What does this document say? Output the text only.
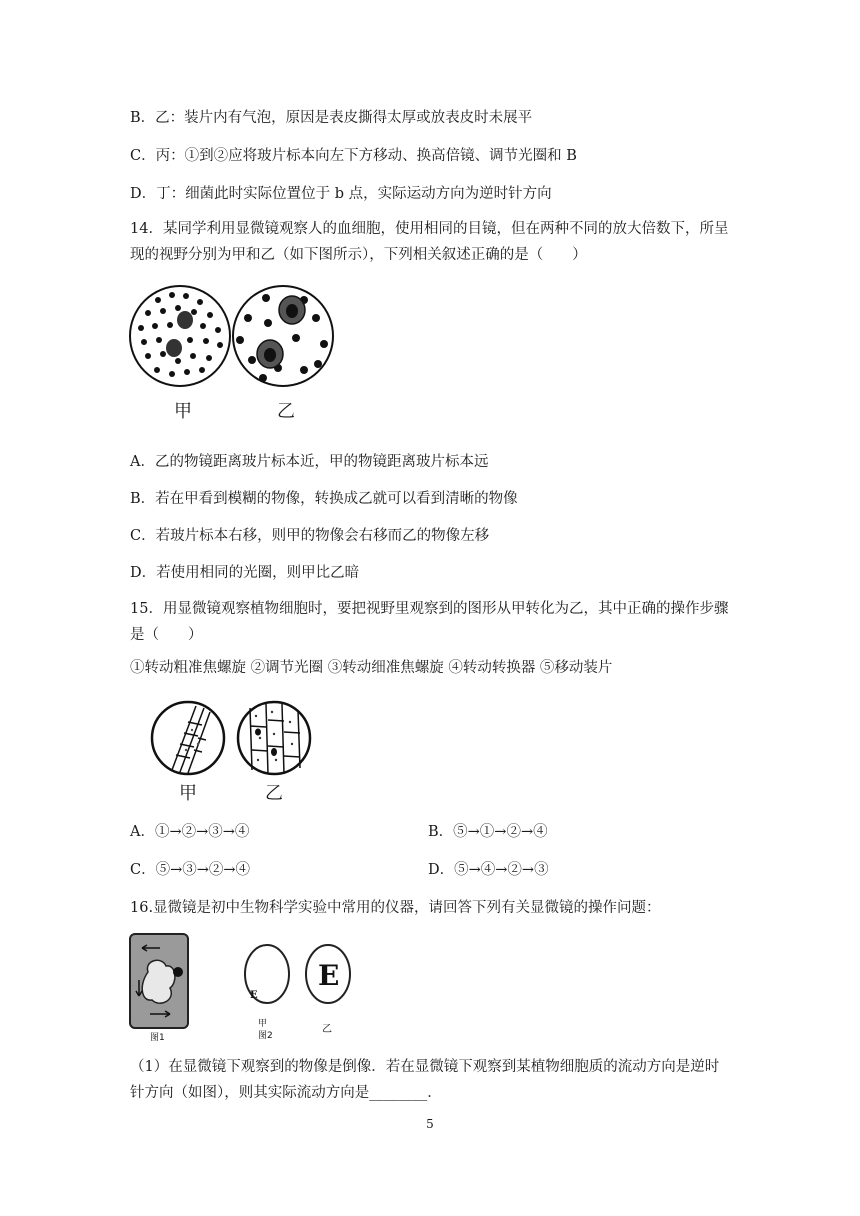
B．乙：装片内有气泡，原因是表皮撕得太厚或放表皮时未展平
C．丙：①到②应将玻片标本向左下方移动、换高倍镜、调节光圈和 B
D．丁：细菌此时实际位置位于 b 点，实际运动方向为逆时针方向
14．某同学利用显微镜观察人的血细胞，使用相同的目镜，但在两种不同的放大倍数下，所呈现的视野分别为甲和乙（如下图所示），下列相关叙述正确的是（　　）
甲	乙
A．乙的物镜距离玻片标本近，甲的物镜距离玻片标本远
B．若在甲看到模糊的物像，转换成乙就可以看到清晰的物像
C．若玻片标本右移，则甲的物像会右移而乙的物像左移
D．若使用相同的光圈，则甲比乙暗
15．用显微镜观察植物细胞时，要把视野里观察到的图形从甲转化为乙，其中正确的操作步骤是（　　）
①转动粗准焦螺旋 ②调节光圈 ③转动细准焦螺旋 ④转动转换器 ⑤移动装片
甲	乙
A．①→②→③→④	B．⑤→①→②→④
C．⑤→③→②→④	D．⑤→④→②→③
16.显微镜是初中生物科学实验中常用的仪器，请回答下列有关显微镜的操作问题：
E
E
图1
甲
图2
乙
（1）在显微镜下观察到的物像是倒像．若在显微镜下观察到某植物细胞质的流动方向是逆时针方向（如图），则其实际流动方向是________．
5
